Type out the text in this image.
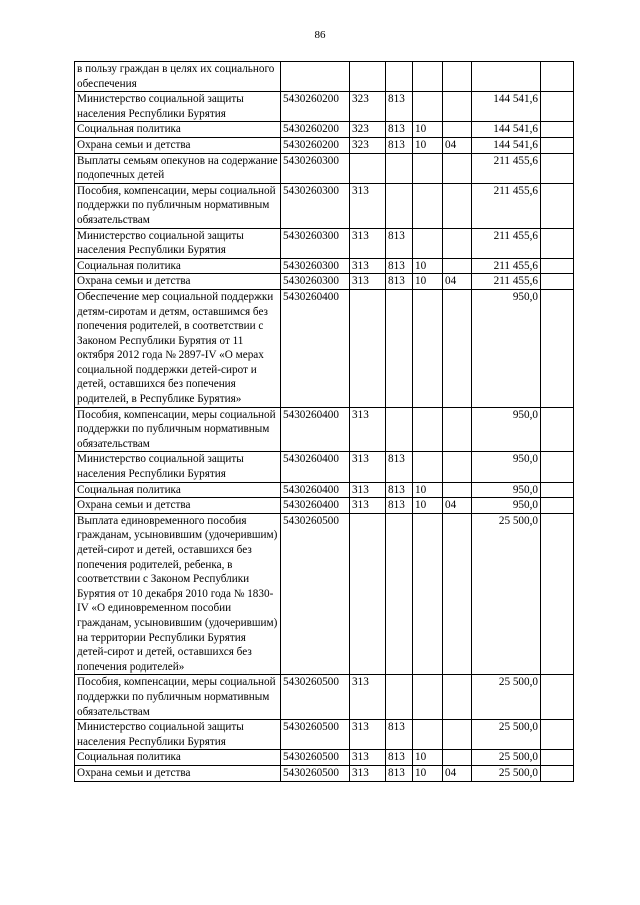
86
в пользу граждан в целях их социального обеспечения							
Министерство социальной защиты населения Республики Бурятия	5430260200	323	813			144 541,6	
Социальная политика	5430260200	323	813	10		144 541,6	
Охрана семьи и детства	5430260200	323	813	10	04	144 541,6	
Выплаты семьям опекунов на содержание подопечных детей	5430260300					211 455,6	
Пособия, компенсации, меры социальной поддержки по публичным нормативным обязательствам	5430260300	313				211 455,6	
Министерство социальной защиты населения Республики Бурятия	5430260300	313	813			211 455,6	
Социальная политика	5430260300	313	813	10		211 455,6	
Охрана семьи и детства	5430260300	313	813	10	04	211 455,6	
Обеспечение мер социальной поддержки детям-сиротам и детям, оставшимся без попечения родителей, в соответствии с Законом Республики Бурятия от 11 октября 2012 года № 2897-IV «О мерах социальной поддержки детей-сирот и детей, оставшихся без попечения родителей, в Республике Бурятия»	5430260400					950,0	
Пособия, компенсации, меры социальной поддержки по публичным нормативным обязательствам	5430260400	313				950,0	
Министерство социальной защиты населения Республики Бурятия	5430260400	313	813			950,0	
Социальная политика	5430260400	313	813	10		950,0	
Охрана семьи и детства	5430260400	313	813	10	04	950,0	
Выплата единовременного пособия гражданам, усыновившим (удочерившим) детей-сирот и детей, оставшихся без попечения родителей, ребенка, в соответствии с Законом Республики Бурятия от 10 декабря 2010 года № 1830-IV «О единовременном пособии гражданам, усыновившим (удочерившим) на территории Республики Бурятия детей-сирот и детей, оставшихся без попечения родителей»	5430260500					25 500,0	
Пособия, компенсации, меры социальной поддержки по публичным нормативным обязательствам	5430260500	313				25 500,0	
Министерство социальной защиты населения Республики Бурятия	5430260500	313	813			25 500,0	
Социальная политика	5430260500	313	813	10		25 500,0	
Охрана семьи и детства	5430260500	313	813	10	04	25 500,0	
